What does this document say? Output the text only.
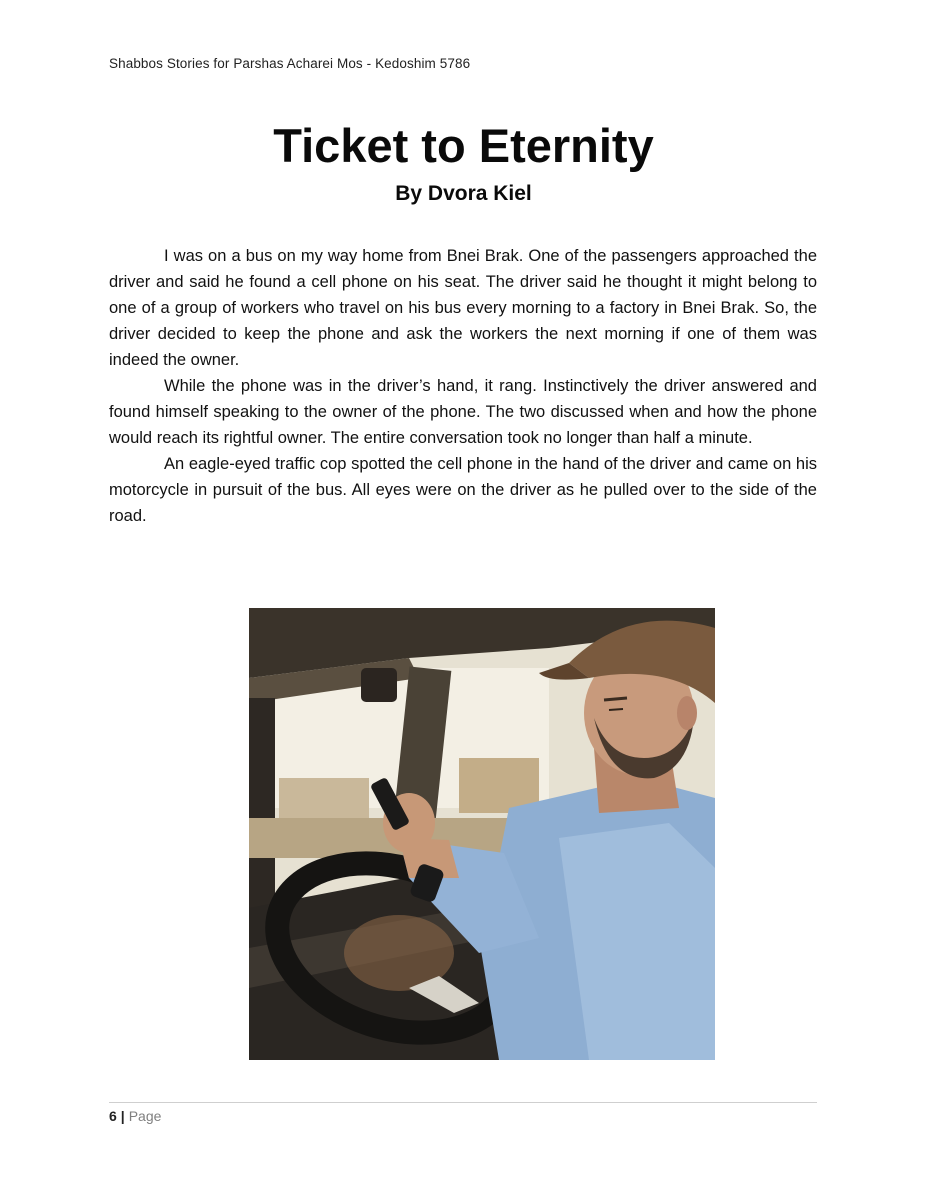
Shabbos Stories for Parshas Acharei Mos - Kedoshim 5786
Ticket to Eternity
By Dvora Kiel

I was on a bus on my way home from Bnei Brak. One of the passengers approached the driver and said he found a cell phone on his seat. The driver said he thought it might belong to one of a group of workers who travel on his bus every morning to a factory in Bnei Brak. So, the driver decided to keep the phone and ask the workers the next morning if one of them was indeed the owner.

While the phone was in the driver’s hand, it rang. Instinctively the driver answered and found himself speaking to the owner of the phone. The two discussed when and how the phone would reach its rightful owner. The entire conversation took no longer than half a minute.

An eagle-eyed traffic cop spotted the cell phone in the hand of the driver and came on his motorcycle in pursuit of the bus. All eyes were on the driver as he pulled over to the side of the road.

6 | Page
